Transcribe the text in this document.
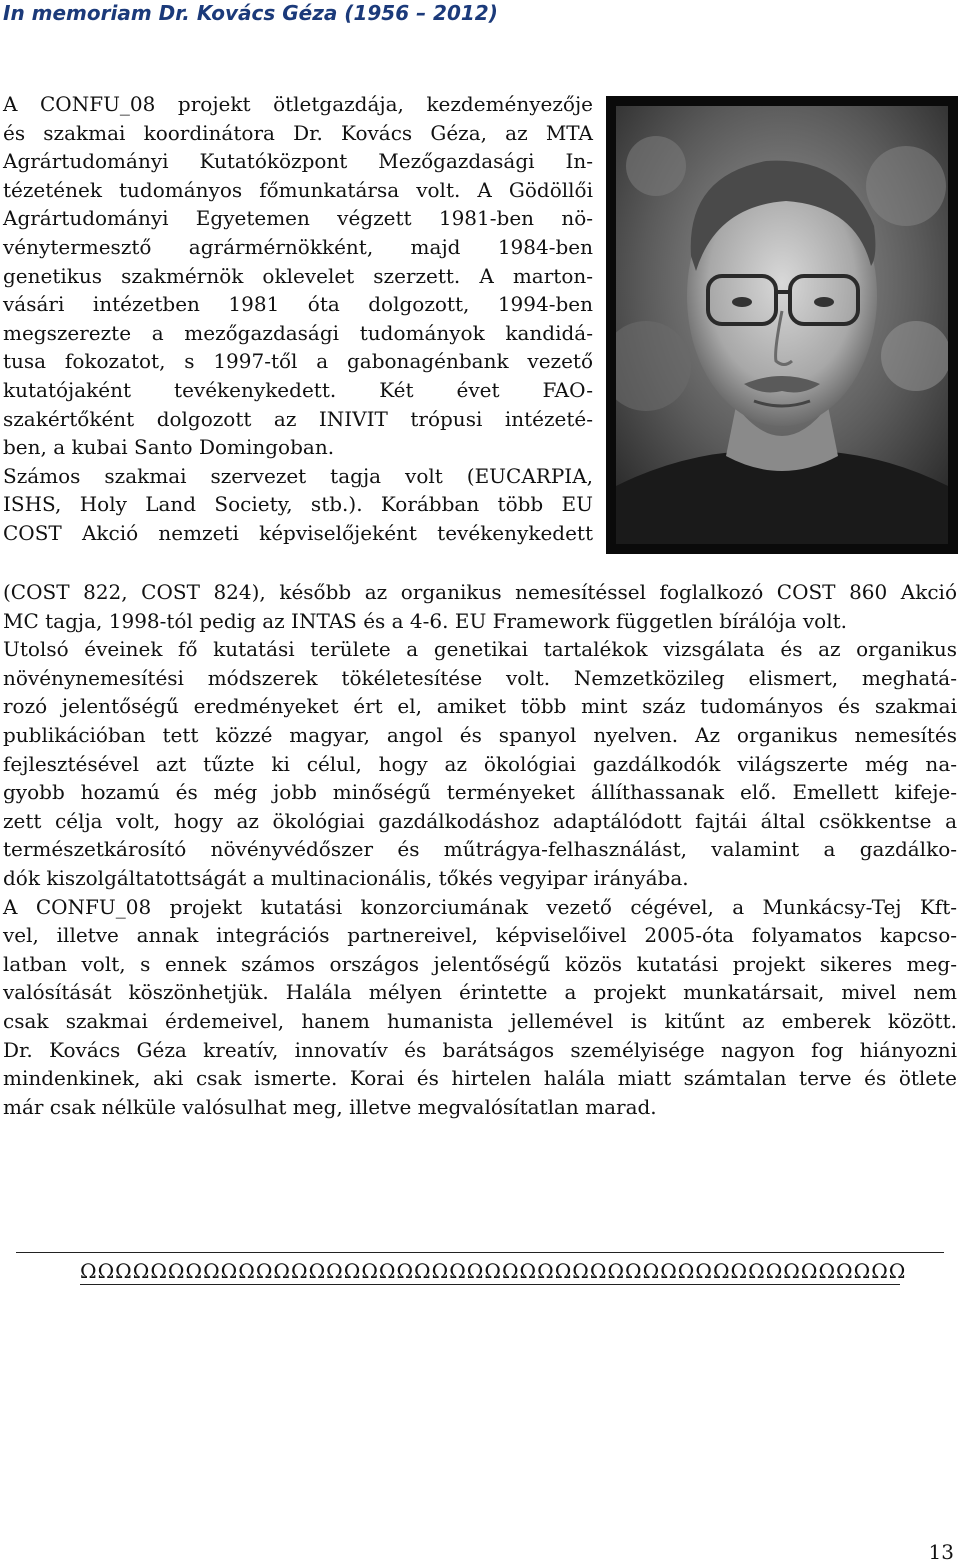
In memoriam Dr. Kovács Géza (1956 – 2012)
A CONFU_08 projekt ötletgazdája, kezdeményezője
és szakmai koordinátora Dr. Kovács Géza, az MTA
Agrártudományi Kutatóközpont Mezőgazdasági In-
tézetének tudományos főmunkatársa volt. A Gödöllői
Agrártudományi Egyetemen végzett 1981-ben nö-
vénytermesztő agrármérnökként, majd 1984-ben
genetikus szakmérnök oklevelet szerzett. A marton-
vásári intézetben 1981 óta dolgozott, 1994-ben
megszerezte a mezőgazdasági tudományok kandidá-
tusa fokozatot, s 1997-től a gabonagénbank vezető
kutatójaként tevékenykedett. Két évet FAO-
szakértőként dolgozott az INIVIT trópusi intézeté-
ben, a kubai Santo Domingoban.
Számos szakmai szervezet tagja volt (EUCARPIA,
ISHS, Holy Land Society, stb.). Korábban több EU
COST Akció nemzeti képviselőjeként tevékenykedett
(COST 822, COST 824), később az organikus nemesítéssel foglalkozó COST 860 Akció
MC tagja, 1998-tól pedig az INTAS és a 4-6. EU Framework független bírálója volt.
Utolsó éveinek fő kutatási területe a genetikai tartalékok vizsgálata és az organikus
növénynemesítési módszerek tökéletesítése volt. Nemzetközileg elismert, meghatá-
rozó jelentőségű eredményeket ért el, amiket több mint száz tudományos és szakmai
publikációban tett közzé magyar, angol és spanyol nyelven. Az organikus nemesítés
fejlesztésével azt tűzte ki célul, hogy az ökológiai gazdálkodók világszerte még na-
gyobb hozamú és még jobb minőségű terményeket állíthassanak elő. Emellett kifeje-
zett célja volt, hogy az ökológiai gazdálkodáshoz adaptálódott fajtái által csökkentse a
természetkárosító növényvédőszer és műtrágya-felhasználást, valamint a gazdálko-
dók kiszolgáltatottságát a multinacionális, tőkés vegyipar irányába.
A CONFU_08 projekt kutatási konzorciumának vezető cégével, a Munkácsy-Tej Kft-
vel, illetve annak integrációs partnereivel, képviselőivel 2005-óta folyamatos kapcso-
latban volt, s ennek számos országos jelentőségű közös kutatási projekt sikeres meg-
valósítását köszönhetjük. Halála mélyen érintette a projekt munkatársait, mivel nem
csak szakmai érdemeivel, hanem humanista jellemével is kitűnt az emberek között.
Dr. Kovács Géza kreatív, innovatív és barátságos személyisége nagyon fog hiányozni
mindenkinek, aki csak ismerte. Korai és hirtelen halála miatt számtalan terve és ötlete
már csak nélküle valósulhat meg, illetve megvalósítatlan marad.
ΩΩΩΩΩΩΩΩΩΩΩΩΩΩΩΩΩΩΩΩΩΩΩΩΩΩΩΩΩΩΩΩΩΩΩΩΩΩΩΩΩΩΩΩΩΩΩ
13
